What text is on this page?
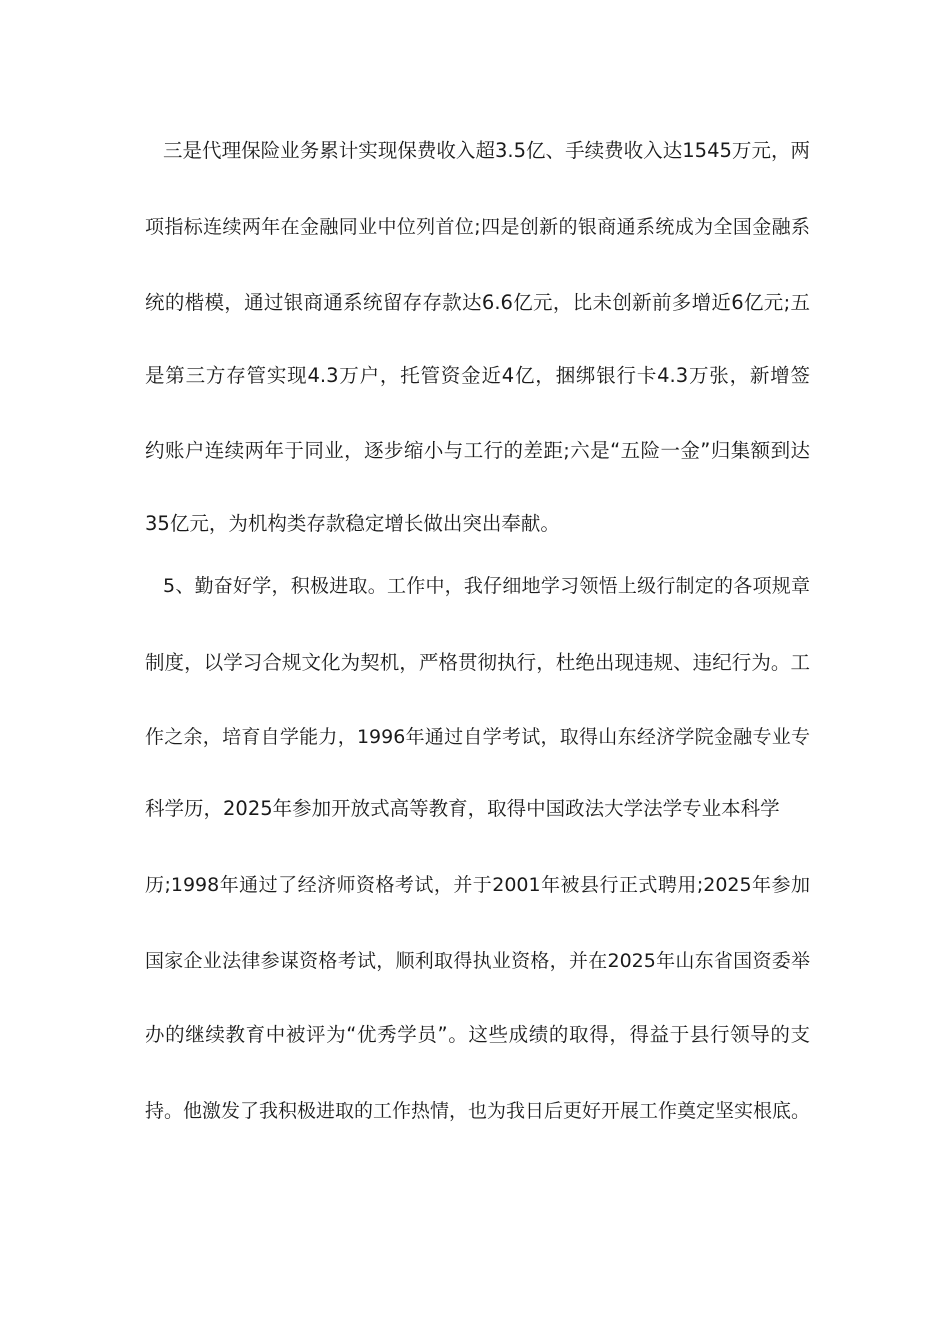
三是代理保险业务累计实现保费收入超3.5亿、手续费收入达1545万元，两
项指标连续两年在金融同业中位列首位;四是创新的银商通系统成为全国金融系
统的楷模，通过银商通系统留存存款达6.6亿元，比未创新前多增近6亿元;五
是第三方存管实现4.3万户，托管资金近4亿，捆绑银行卡4.3万张，新增签
约账户连续两年于同业，逐步缩小与工行的差距;六是“五险一金”归集额到达
35亿元，为机构类存款稳定增长做出突出奉献。
5、勤奋好学，积极进取。工作中，我仔细地学习领悟上级行制定的各项规章
制度，以学习合规文化为契机，严格贯彻执行，杜绝出现违规、违纪行为。工
作之余，培育自学能力，1996年通过自学考试，取得山东经济学院金融专业专
科学历，2025年参加开放式高等教育，取得中国政法大学法学专业本科学
历;1998年通过了经济师资格考试，并于2001年被县行正式聘用;2025年参加
国家企业法律参谋资格考试，顺利取得执业资格，并在2025年山东省国资委举
办的继续教育中被评为“优秀学员”。这些成绩的取得，得益于县行领导的支
持。他激发了我积极进取的工作热情，也为我日后更好开展工作奠定坚实根底。
